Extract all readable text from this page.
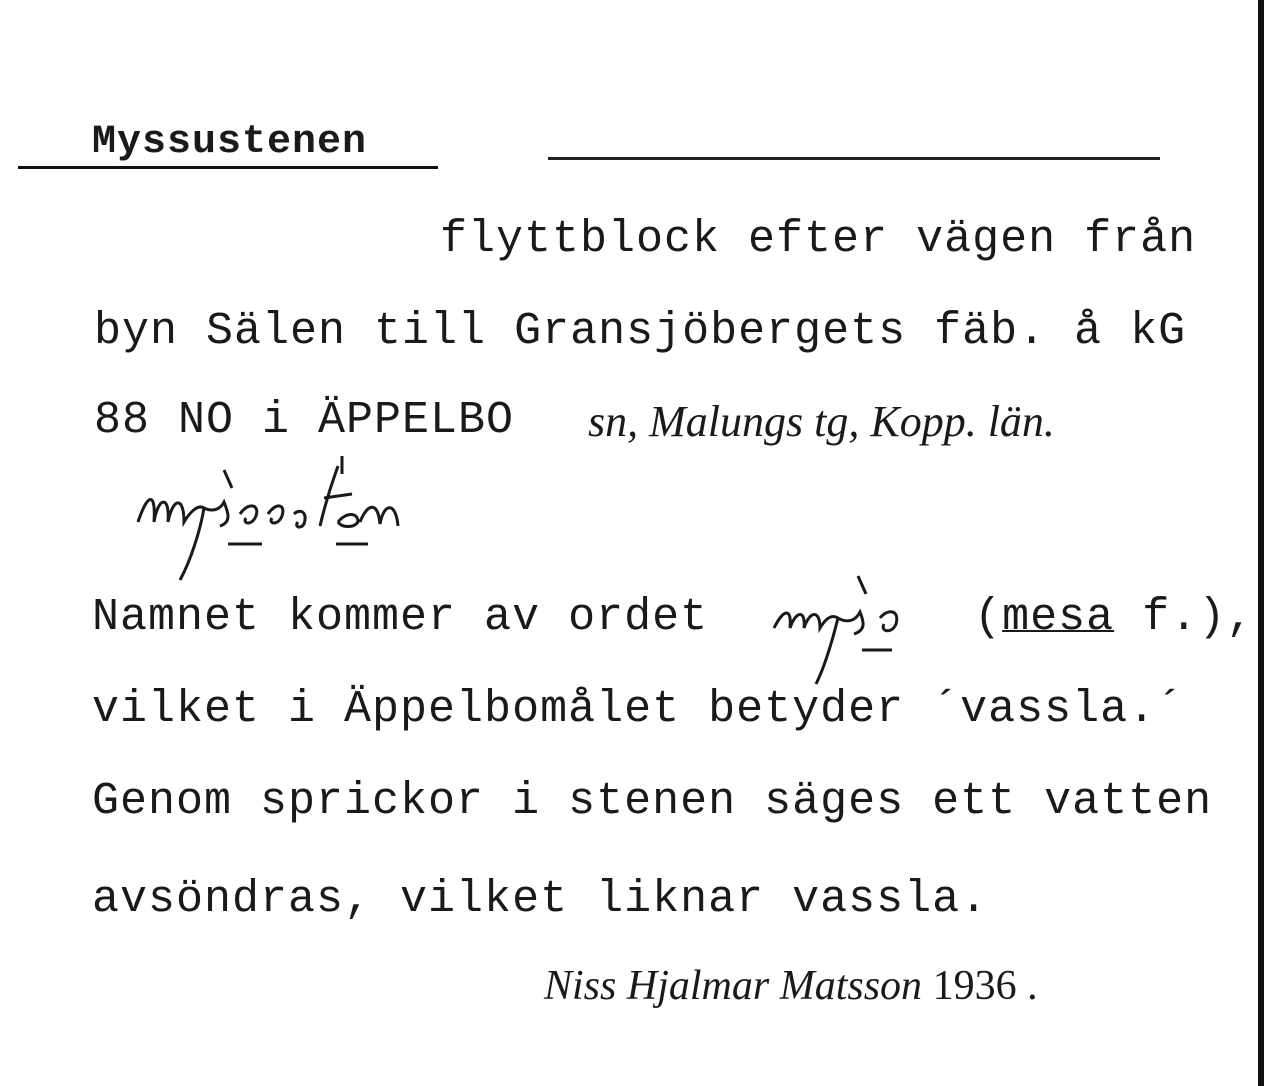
Myssustenen
flyttblock efter vägen från
byn Sälen till Gransjöbergets fäb. å kG
88 NO i ÄPPELBO sn, Malungs tg, Kopp. län.
mysəstēn
Namnet kommer av ordet	(mesa f.),
mysə
vilket i Äppelbomålet betyder ´vassla.´
Genom sprickor i stenen säges ett vatten
avsöndras, vilket liknar vassla.
Niss Hjalmar Matsson 1936 .
